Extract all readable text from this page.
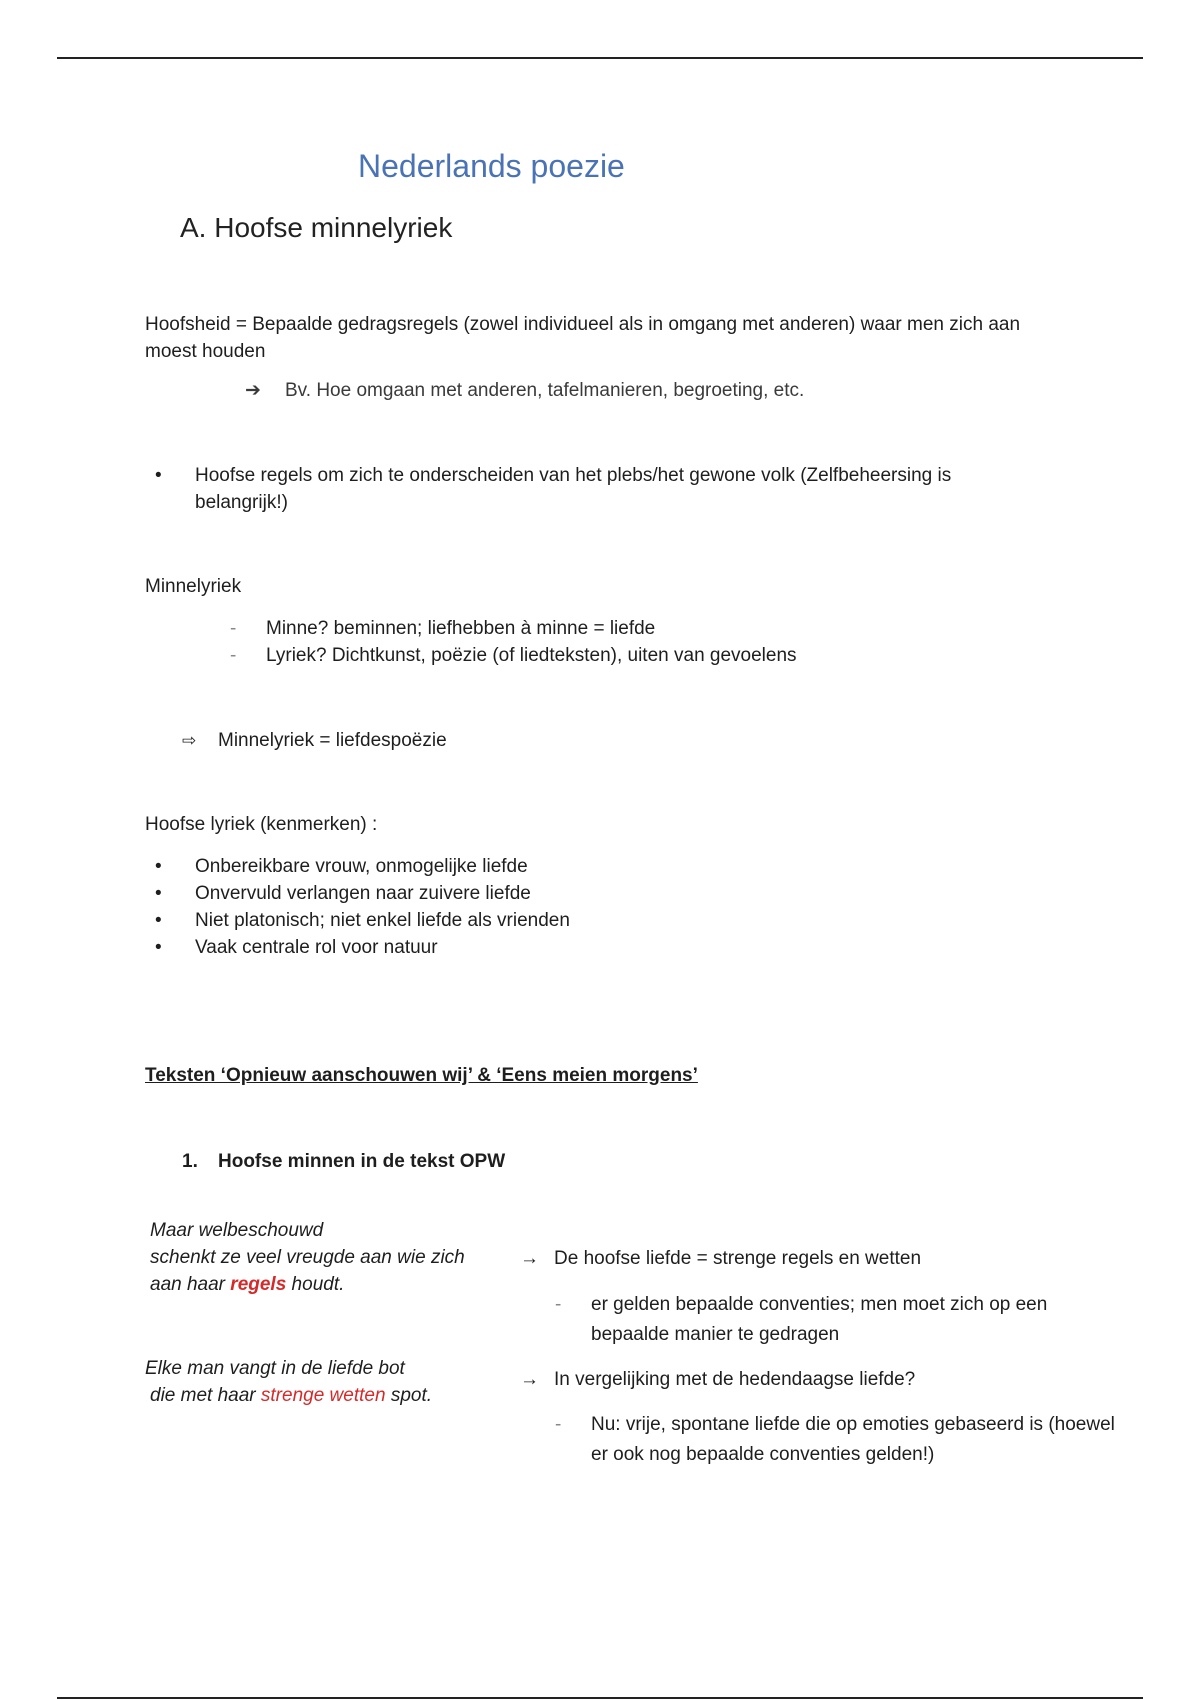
Nederlands poezie
A. Hoofse minnelyriek
Hoofsheid = Bepaalde gedragsregels (zowel individueel als in omgang met anderen) waar men zich aan moest houden
➔ Bv. Hoe omgaan met anderen, tafelmanieren, begroeting, etc.
• Hoofse regels om zich te onderscheiden van het plebs/het gewone volk (Zelfbeheersing is belangrijk!)
Minnelyriek
- Minne? beminnen; liefhebben à minne = liefde
- Lyriek? Dichtkunst, poëzie (of liedteksten), uiten van gevoelens
⇨ Minnelyriek = liefdespoëzie
Hoofse lyriek (kenmerken) :
• Onbereikbare vrouw, onmogelijke liefde
• Onvervuld verlangen naar zuivere liefde
• Niet platonisch; niet enkel liefde als vrienden
• Vaak centrale rol voor natuur
Teksten ‘Opnieuw aanschouwen wij’ & ‘Eens meien morgens’
1. Hoofse minnen in de tekst OPW
Maar welbeschouwd
schenkt ze veel vreugde aan wie zich
aan haar regels houdt.
Elke man vangt in de liefde bot
die met haar strenge wetten spot.
→ De hoofse liefde = strenge regels en wetten
-	er gelden bepaalde conventies; men moet zich op een bepaalde manier te gedragen
→ In vergelijking met de hedendaagse liefde?
-	Nu: vrije, spontane liefde die op emoties gebaseerd is (hoewel er ook nog bepaalde conventies gelden!)
